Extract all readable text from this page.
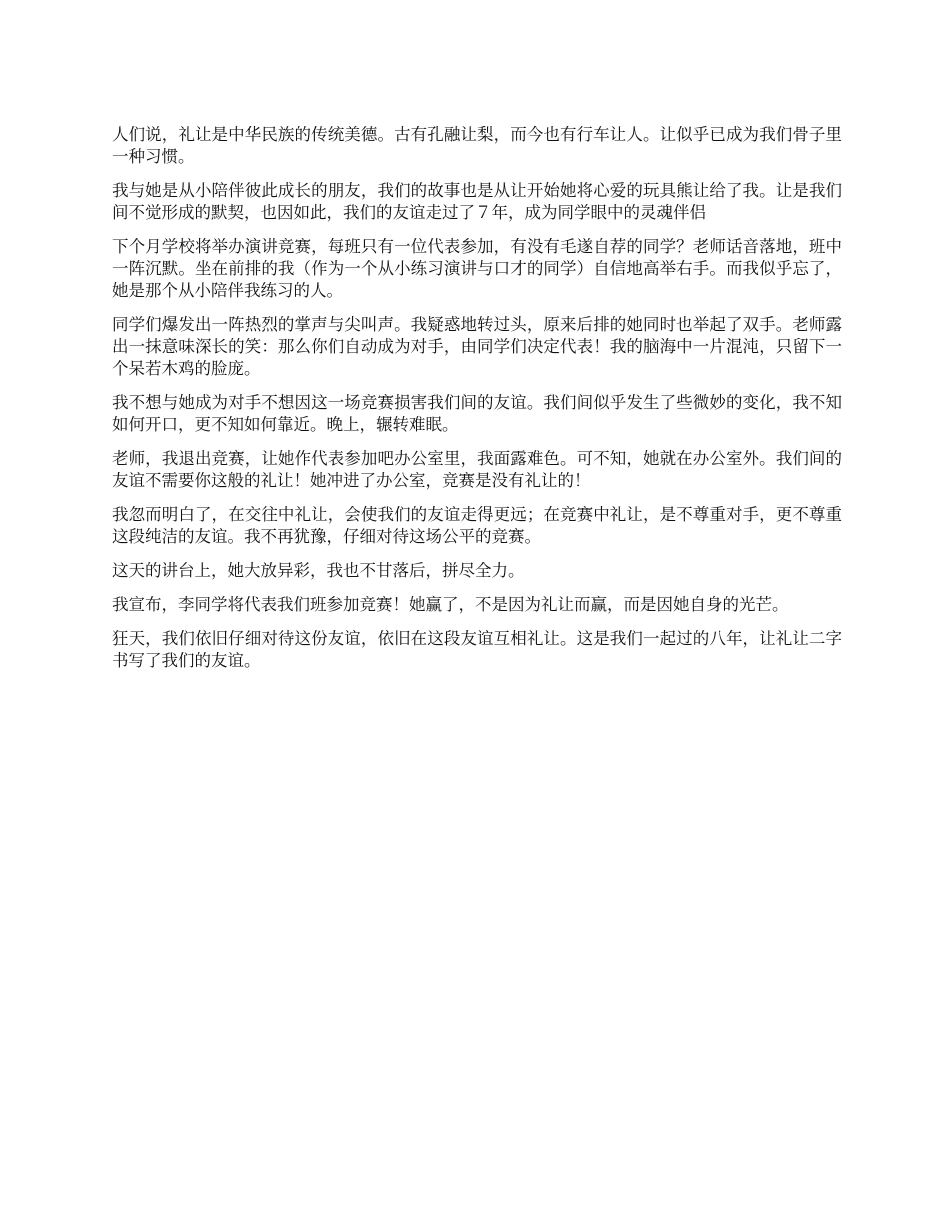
人们说，礼让是中华民族的传统美德。古有孔融让梨，而今也有行车让人。让似乎已成为我们骨子里一种习惯。

我与她是从小陪伴彼此成长的朋友，我们的故事也是从让开始她将心爱的玩具熊让给了我。让是我们间不觉形成的默契，也因如此，我们的友谊走过了７年，成为同学眼中的灵魂伴侣

下个月学校将举办演讲竞赛，每班只有一位代表参加，有没有毛遂自荐的同学？老师话音落地，班中一阵沉默。坐在前排的我（作为一个从小练习演讲与口才的同学）自信地高举右手。而我似乎忘了，她是那个从小陪伴我练习的人。

同学们爆发出一阵热烈的掌声与尖叫声。我疑惑地转过头，原来后排的她同时也举起了双手。老师露出一抹意味深长的笑：那么你们自动成为对手，由同学们决定代表！我的脑海中一片混沌，只留下一个呆若木鸡的脸庞。

我不想与她成为对手不想因这一场竞赛损害我们间的友谊。我们间似乎发生了些微妙的变化，我不知如何开口，更不知如何靠近。晚上，辗转难眠。

老师，我退出竞赛，让她作代表参加吧办公室里，我面露难色。可不知，她就在办公室外。我们间的友谊不需要你这般的礼让！她冲进了办公室，竞赛是没有礼让的！

我忽而明白了，在交往中礼让，会使我们的友谊走得更远；在竞赛中礼让，是不尊重对手，更不尊重这段纯洁的友谊。我不再犹豫，仔细对待这场公平的竞赛。

这天的讲台上，她大放异彩，我也不甘落后，拼尽全力。

我宣布，李同学将代表我们班参加竞赛！她赢了，不是因为礼让而赢，而是因她自身的光芒。

狂天，我们依旧仔细对待这份友谊，依旧在这段友谊互相礼让。这是我们一起过的八年，让礼让二字书写了我们的友谊。
